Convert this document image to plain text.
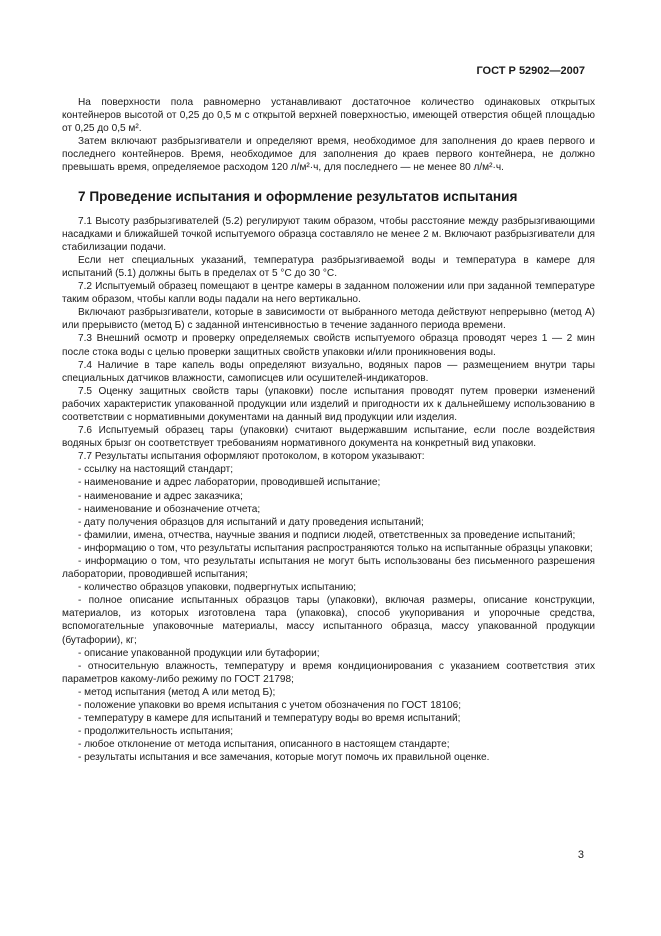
ГОСТ Р 52902—2007

На поверхности пола равномерно устанавливают достаточное количество одинаковых открытых контейнеров высотой от 0,25 до 0,5 м с открытой верхней поверхностью, имеющей отверстия общей площадью от 0,25 до 0,5 м².

Затем включают разбрызгиватели и определяют время, необходимое для заполнения до краев первого и последнего контейнеров. Время, необходимое для заполнения до краев первого контейнера, не должно превышать время, определяемое расходом 120 л/м²·ч, для последнего — не менее 80 л/м²·ч.

7 Проведение испытания и оформление результатов испытания

7.1 Высоту разбрызгивателей (5.2) регулируют таким образом, чтобы расстояние между разбрызгивающими насадками и ближайшей точкой испытуемого образца составляло не менее 2 м. Включают разбрызгиватели для стабилизации подачи.

Если нет специальных указаний, температура разбрызгиваемой воды и температура в камере для испытаний (5.1) должны быть в пределах от 5 °С до 30 °С.

7.2 Испытуемый образец помещают в центре камеры в заданном положении или при заданной температуре таким образом, чтобы капли воды падали на него вертикально.

Включают разбрызгиватели, которые в зависимости от выбранного метода действуют непрерывно (метод А) или прерывисто (метод Б) с заданной интенсивностью в течение заданного периода времени.

7.3 Внешний осмотр и проверку определяемых свойств испытуемого образца проводят через 1 — 2 мин после стока воды с целью проверки защитных свойств упаковки и/или проникновения воды.

7.4 Наличие в таре капель воды определяют визуально, водяных паров — размещением внутри тары специальных датчиков влажности, самописцев или осушителей-индикаторов.

7.5 Оценку защитных свойств тары (упаковки) после испытания проводят путем проверки изменений рабочих характеристик упакованной продукции или изделий и пригодности их к дальнейшему использованию в соответствии с нормативными документами на данный вид продукции или изделия.

7.6 Испытуемый образец тары (упаковки) считают выдержавшим испытание, если после воздействия водяных брызг он соответствует требованиям нормативного документа на конкретный вид упаковки.

7.7 Результаты испытания оформляют протоколом, в котором указывают:

- ссылку на настоящий стандарт;

- наименование и адрес лаборатории, проводившей испытание;

- наименование и адрес заказчика;

- наименование и обозначение отчета;

- дату получения образцов для испытаний и дату проведения испытаний;

- фамилии, имена, отчества, научные звания и подписи людей, ответственных за проведение испытаний;

- информацию о том, что результаты испытания распространяются только на испытанные образцы упаковки;

- информацию о том, что результаты испытания не могут быть использованы без письменного разрешения лаборатории, проводившей испытания;

- количество образцов упаковки, подвергнутых испытанию;

- полное описание испытанных образцов тары (упаковки), включая размеры, описание конструкции, материалов, из которых изготовлена тара (упаковка), способ укупоривания и упорочные средства, вспомогательные упаковочные материалы, массу испытанного образца, массу упакованной продукции (бутафории), кг;

- описание упакованной продукции или бутафории;

- относительную влажность, температуру и время кондиционирования с указанием соответствия этих параметров какому-либо режиму по ГОСТ 21798;

- метод испытания (метод А или метод Б);

- положение упаковки во время испытания с учетом обозначения по ГОСТ 18106;

- температуру в камере для испытаний и температуру воды во время испытаний;

- продолжительность испытания;

- любое отклонение от метода испытания, описанного в настоящем стандарте;

- результаты испытания и все замечания, которые могут помочь их правильной оценке.

3
